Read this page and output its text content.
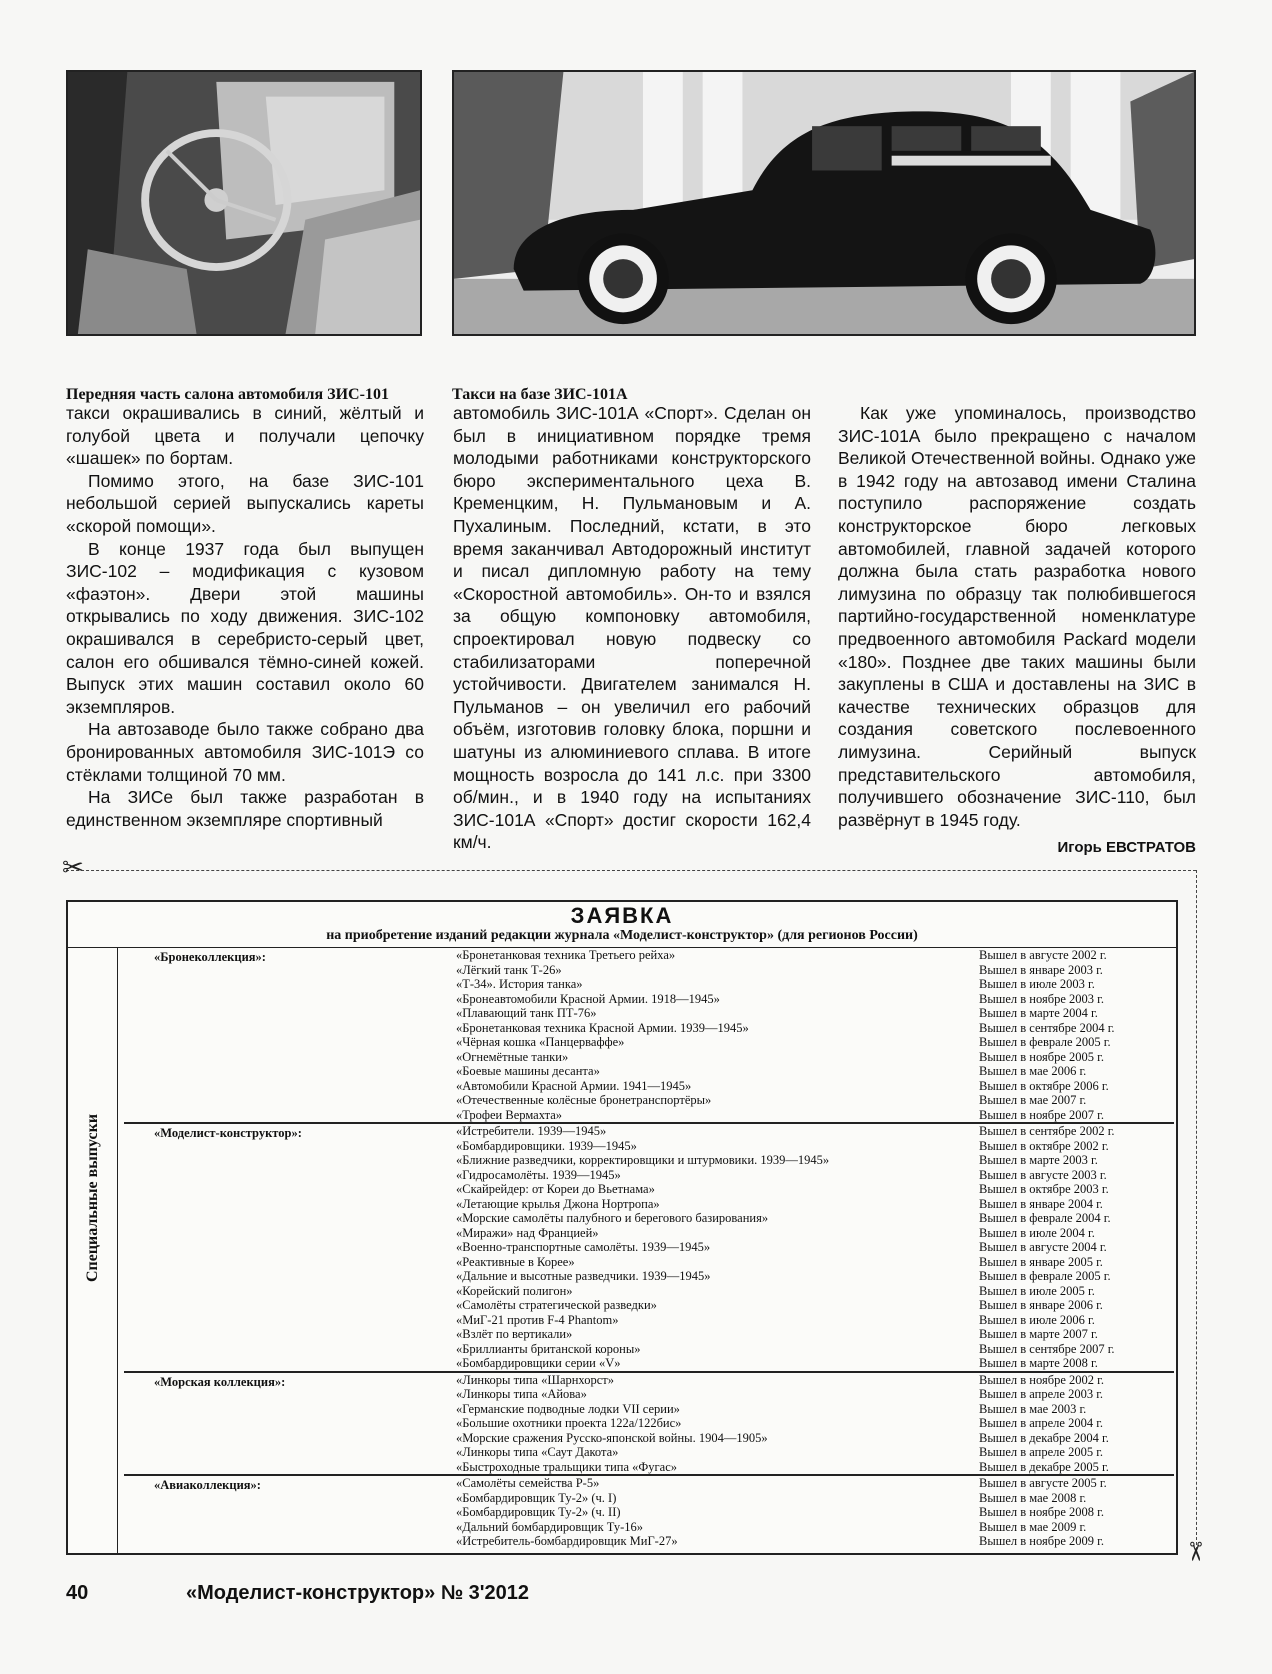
Передняя часть салона автомобиля ЗИС-101	Такси на базе ЗИС-101А

такси окрашивались в синий, жёлтый и голубой цвета и получали цепочку «шашек» по бортам.

Помимо этого, на базе ЗИС-101 небольшой серией выпускались кареты «скорой помощи».

В конце 1937 года был выпущен ЗИС-102 – модификация с кузовом «фаэтон». Двери этой машины открывались по ходу движения. ЗИС-102 окрашивался в серебристо-серый цвет, салон его обшивался тёмно-синей кожей. Выпуск этих машин составил около 60 экземпляров.

На автозаводе было также собрано два бронированных автомобиля ЗИС-101Э со стёклами толщиной 70 мм.

На ЗИСе был также разработан в единственном экземпляре спортивный

автомобиль ЗИС-101А «Спорт». Сделан он был в инициативном порядке тремя молодыми работниками конструкторского бюро экспериментального цеха В. Кременцким, Н. Пульмановым и А. Пухалиным. Последний, кстати, в это время заканчивал Автодорожный институт и писал дипломную работу на тему «Скоростной автомобиль». Он-то и взялся за общую компоновку автомобиля, спроектировал новую подвеску со стабилизаторами поперечной устойчивости. Двигателем занимался Н. Пульманов – он увеличил его рабочий объём, изготовив головку блока, поршни и шатуны из алюминиевого сплава. В итоге мощность возросла до 141 л.с. при 3300 об/мин., и в 1940 году на испытаниях ЗИС-101А «Спорт» достиг скорости 162,4 км/ч.

Как уже упоминалось, производство ЗИС-101А было прекращено с началом Великой Отечественной войны. Однако уже в 1942 году на автозавод имени Сталина поступило распоряжение создать конструкторское бюро легковых автомобилей, главной задачей которого должна была стать разработка нового лимузина по образцу так полюбившегося партийно-государственной номенклатуре предвоенного автомобиля Packard модели «180». Позднее две таких машины были закуплены в США и доставлены на ЗИС в качестве технических образцов для создания советского послевоенного лимузина. Серийный выпуск представительского автомобиля, получившего обозначение ЗИС-110, был развёрнут в 1945 году.

Игорь ЕВСТРАТОВ
✂
✂
ЗАЯВКА
на приобретение изданий редакции журнала «Моделист-конструктор» (для регионов России)
Специальные выпуски
«Бронеколлекция»:	«Бронетанковая техника Третьего рейха»	Вышел в августе 2002 г.
«Лёгкий танк Т-26»	Вышел в январе 2003 г.
«Т-34». История танка»	Вышел в июле 2003 г.
«Бронеавтомобили Красной Армии. 1918—1945»	Вышел в ноябре 2003 г.
«Плавающий танк ПТ-76»	Вышел в марте 2004 г.
«Бронетанковая техника Красной Армии. 1939—1945»	Вышел в сентябре 2004 г.
«Чёрная кошка «Панцерваффе»	Вышел в феврале 2005 г.
«Огнемётные танки»	Вышел в ноябре 2005 г.
«Боевые машины десанта»	Вышел в мае 2006 г.
«Автомобили Красной Армии. 1941—1945»	Вышел в октябре 2006 г.
«Отечественные колёсные бронетранспортёры»	Вышел в мае 2007 г.
«Трофеи Вермахта»	Вышел в ноябре 2007 г.
«Моделист-конструктор»:	«Истребители. 1939—1945»	Вышел в сентябре 2002 г.
«Бомбардировщики. 1939—1945»	Вышел в октябре 2002 г.
«Ближние разведчики, корректировщики и штурмовики. 1939—1945»	Вышел в марте 2003 г.
«Гидросамолёты. 1939—1945»	Вышел в августе 2003 г.
«Скайрейдер: от Кореи до Вьетнама»	Вышел в октябре 2003 г.
«Летающие крылья Джона Нортропа»	Вышел в январе 2004 г.
«Морские самолёты палубного и берегового базирования»	Вышел в феврале 2004 г.
«Миражи» над Францией»	Вышел в июле 2004 г.
«Военно-транспортные самолёты. 1939—1945»	Вышел в августе 2004 г.
«Реактивные в Корее»	Вышел в январе 2005 г.
«Дальние и высотные разведчики. 1939—1945»	Вышел в феврале 2005 г.
«Корейский полигон»	Вышел в июле 2005 г.
«Самолёты стратегической разведки»	Вышел в январе 2006 г.
«МиГ-21 против F-4 Phantom»	Вышел в июле 2006 г.
«Взлёт по вертикали»	Вышел в марте 2007 г.
«Бриллианты британской короны»	Вышел в сентябре 2007 г.
«Бомбардировщики серии «V»	Вышел в марте 2008 г.
«Морская коллекция»:	«Линкоры типа «Шарнхорст»	Вышел в ноябре 2002 г.
«Линкоры типа «Айова»	Вышел в апреле 2003 г.
«Германские подводные лодки VII серии»	Вышел в мае 2003 г.
«Большие охотники проекта 122а/122бис»	Вышел в апреле 2004 г.
«Морские сражения Русско-японской войны. 1904—1905»	Вышел в декабре 2004 г.
«Линкоры типа «Саут Дакота»	Вышел в апреле 2005 г.
«Быстроходные тральщики типа «Фугас»	Вышел в декабре 2005 г.
«Авиаколлекция»:	«Самолёты семейства Р-5»	Вышел в августе 2005 г.
«Бомбардировщик Ту-2» (ч. I)	Вышел в мае 2008 г.
«Бомбардировщик Ту-2» (ч. II)	Вышел в ноябре 2008 г.
«Дальний бомбардировщик Ту-16»	Вышел в мае 2009 г.
«Истребитель-бомбардировщик МиГ-27»	Вышел в ноябре 2009 г.
40	«Моделист-конструктор» № 3'2012
